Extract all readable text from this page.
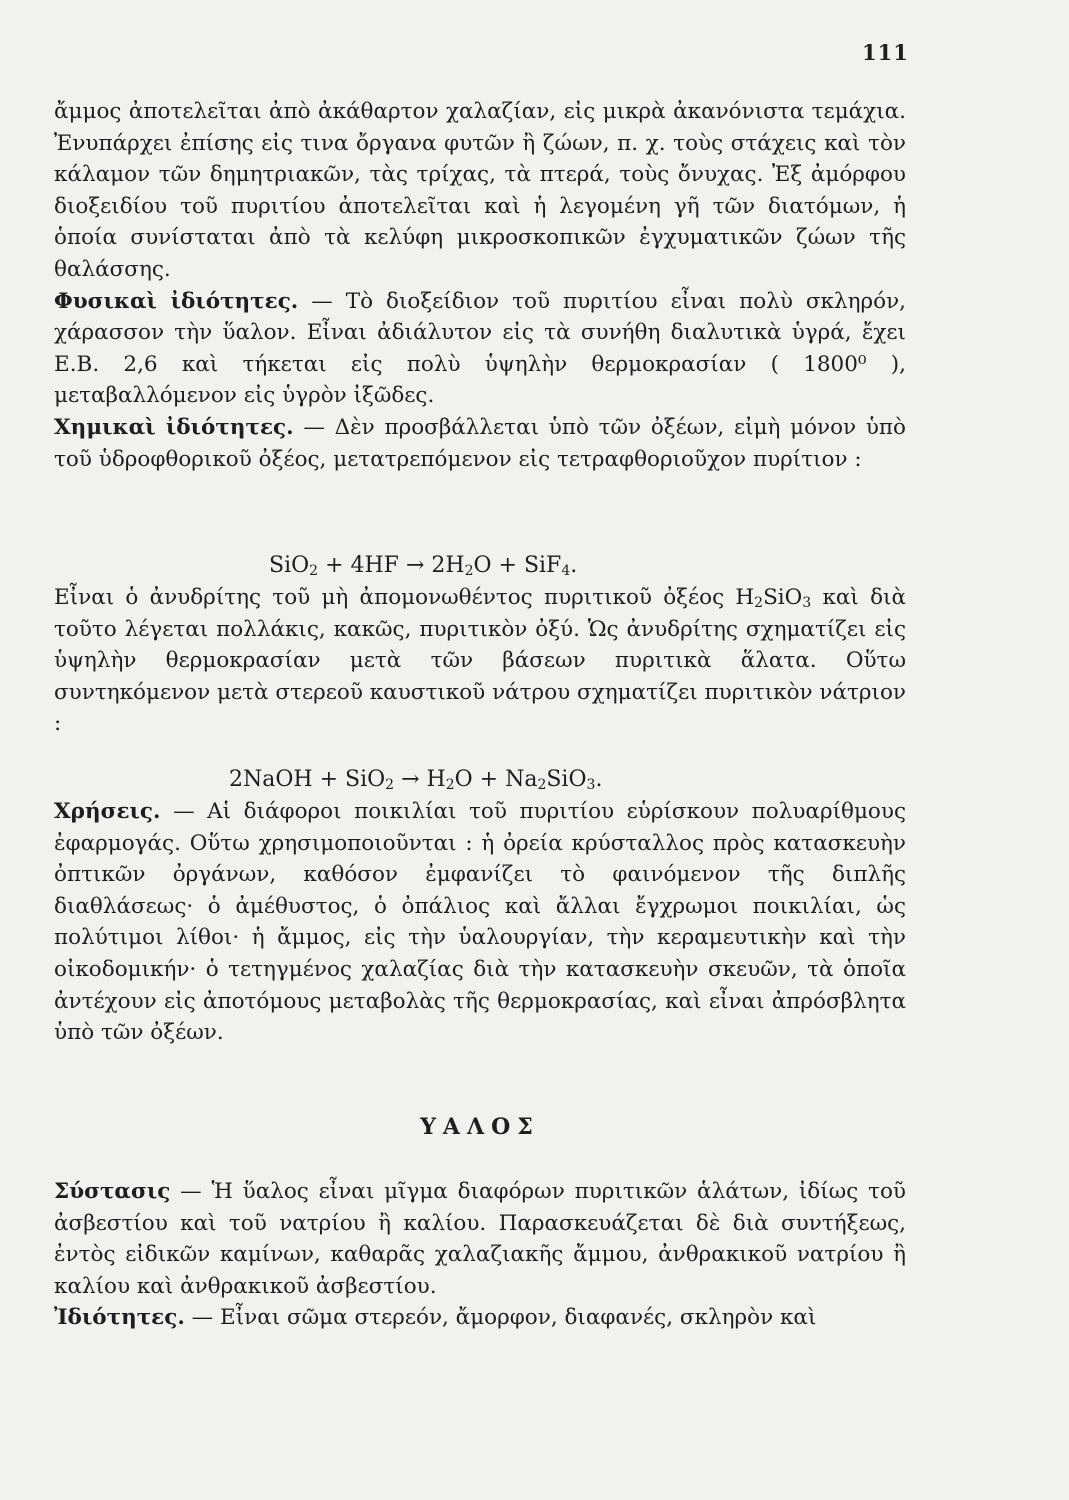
111

ἄμμος ἀποτελεῖται ἀπὸ ἀκάθαρτον χαλαζίαν, εἰς μικρὰ ἀκανόνιστα τεμάχια. Ἐνυπάρχει ἐπίσης εἰς τινα ὄργανα φυτῶν ἢ ζώων, π. χ. τοὺς στάχεις καὶ τὸν κάλαμον τῶν δημητριακῶν, τὰς τρίχας, τὰ πτερά, τοὺς ὄνυχας. Ἐξ ἀμόρφου διοξειδίου τοῦ πυριτίου ἀποτελεῖται καὶ ἡ λεγομένη γῆ τῶν διατόμων, ἡ ὁποία συνίσταται ἀπὸ τὰ κελύφη μικροσκοπικῶν ἐγχυματικῶν ζώων τῆς θαλάσσης.

Φυσικαὶ ἰδιότητες. — Τὸ διοξείδιον τοῦ πυριτίου εἶναι πολὺ σκληρόν, χάρασσον τὴν ὕαλον. Εἶναι ἀδιάλυτον εἰς τὰ συνήθη διαλυτικὰ ὑγρά, ἔχει Ε.Β. 2,6 καὶ τήκεται εἰς πολὺ ὑψηλὴν θερμοκρασίαν ( 1800⁰ ), μεταβαλλόμενον εἰς ὑγρὸν ἰξῶδες.

Χημικαὶ ἰδιότητες. — Δὲν προσβάλλεται ὑπὸ τῶν ὀξέων, εἰμὴ μόνον ὑπὸ τοῦ ὑδροφθορικοῦ ὀξέος, μετατρεπόμενον εἰς τετραφθοριοῦχον πυρίτιον :

$SiO_2 + 4HF \to 2H_2O + SiF_4$.

Εἶναι ὁ ἀνυδρίτης τοῦ μὴ ἀπομονωθέντος πυριτικοῦ ὀξέος $H_2SiO_3$ καὶ διὰ τοῦτο λέγεται πολλάκις, κακῶς, πυριτικὸν ὀξύ. Ὡς ἀνυδρίτης σχηματίζει εἰς ὑψηλὴν θερμοκρασίαν μετὰ τῶν βάσεων πυριτικὰ ἅλατα. Οὕτω συντηκόμενον μετὰ στερεοῦ καυστικοῦ νάτρου σχηματίζει πυριτικὸν νάτριον :

2NaOH + $SiO_2 \to H_2O + Na_2SiO_3$.

Χρήσεις. — Αἱ διάφοροι ποικιλίαι τοῦ πυριτίου εὑρίσκουν πολυαρίθμους ἐφαρμογάς. Οὕτω χρησιμοποιοῦνται : ἡ ὀρεία κρύσταλλος πρὸς κατασκευὴν ὀπτικῶν ὀργάνων, καθόσον ἐμφανίζει τὸ φαινόμενον τῆς διπλῆς διαθλάσεως· ὁ ἀμέθυστος, ὁ ὀπάλιος καὶ ἄλλαι ἔγχρωμοι ποικιλίαι, ὡς πολύτιμοι λίθοι· ἡ ἄμμος, εἰς τὴν ὑαλουργίαν, τὴν κεραμευτικὴν καὶ τὴν οἰκοδομικήν· ὁ τετηγμένος χαλαζίας διὰ τὴν κατασκευὴν σκευῶν, τὰ ὁποῖα ἀντέχουν εἰς ἀποτόμους μεταβολὰς τῆς θερμοκρασίας, καὶ εἶναι ἀπρόσβλητα ὑπὸ τῶν ὀξέων.

ΥΑΛΟΣ

Σύστασις — Ἡ ὕαλος εἶναι μῖγμα διαφόρων πυριτικῶν ἁλάτων, ἰδίως τοῦ ἀσβεστίου καὶ τοῦ νατρίου ἢ καλίου. Παρασκευάζεται δὲ διὰ συντήξεως, ἐντὸς εἰδικῶν καμίνων, καθαρᾶς χαλαζιακῆς ἄμμου, ἀνθρακικοῦ νατρίου ἢ καλίου καὶ ἀνθρακικοῦ ἀσβεστίου.

Ἰδιότητες. — Εἶναι σῶμα στερεόν, ἄμορφον, διαφανές, σκληρὸν καὶ
